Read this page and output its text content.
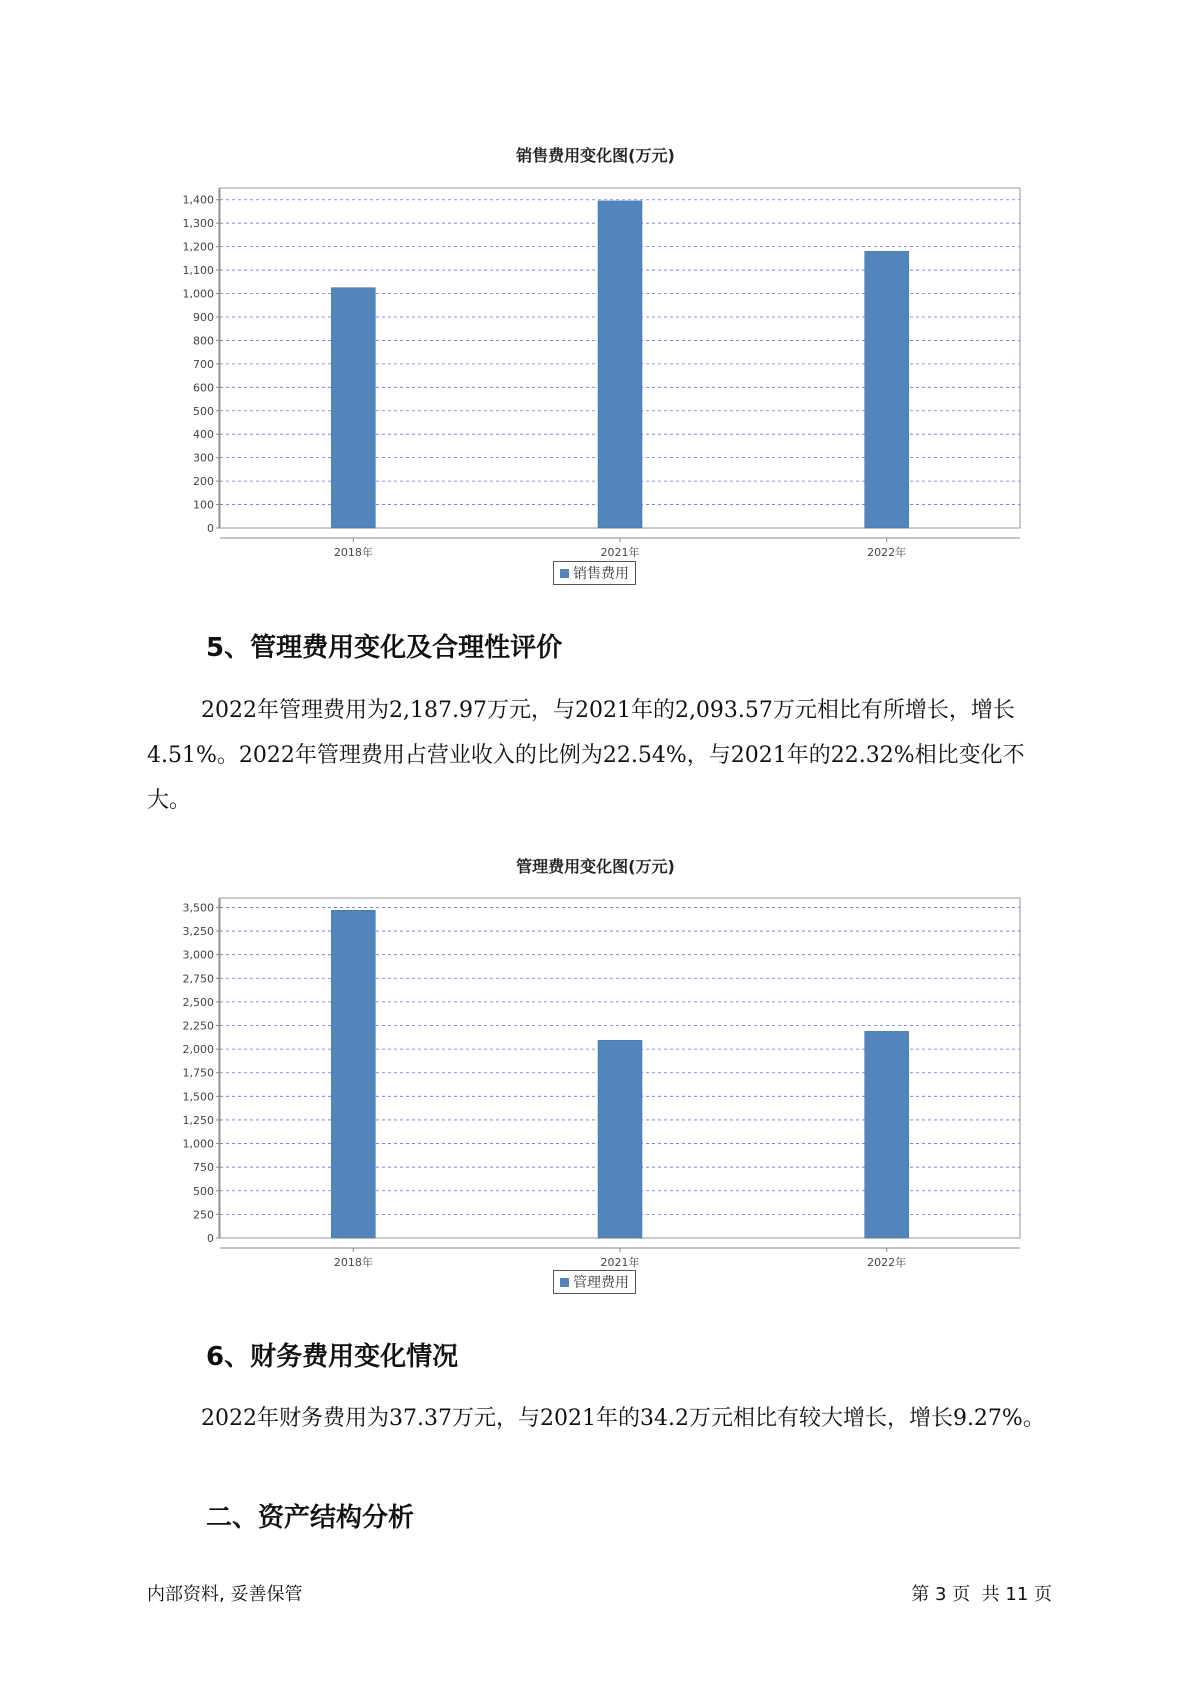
销售费用变化图(万元)
0
100
200
300
400
500
600
700
800
900
1,000
1,100
1,200
1,300
1,400
2018年	2021年	2022年
销售费用
5、管理费用变化及合理性评价

2022年管理费用为2,187.97万元，与2021年的2,093.57万元相比有所增长，增长4.51%。2022年管理费用占营业收入的比例为22.54%，与2021年的22.32%相比变化不大。

管理费用变化图(万元)
0
250
500
750
1,000
1,250
1,500
1,750
2,000
2,250
2,500
2,750
3,000
3,250
3,500
2018年	2021年	2022年
管理费用
6、财务费用变化情况

2022年财务费用为37.37万元，与2021年的34.2万元相比有较大增长，增长9.27%。

二、资产结构分析
内部资料, 妥善保管	第 3 页  共 11 页
